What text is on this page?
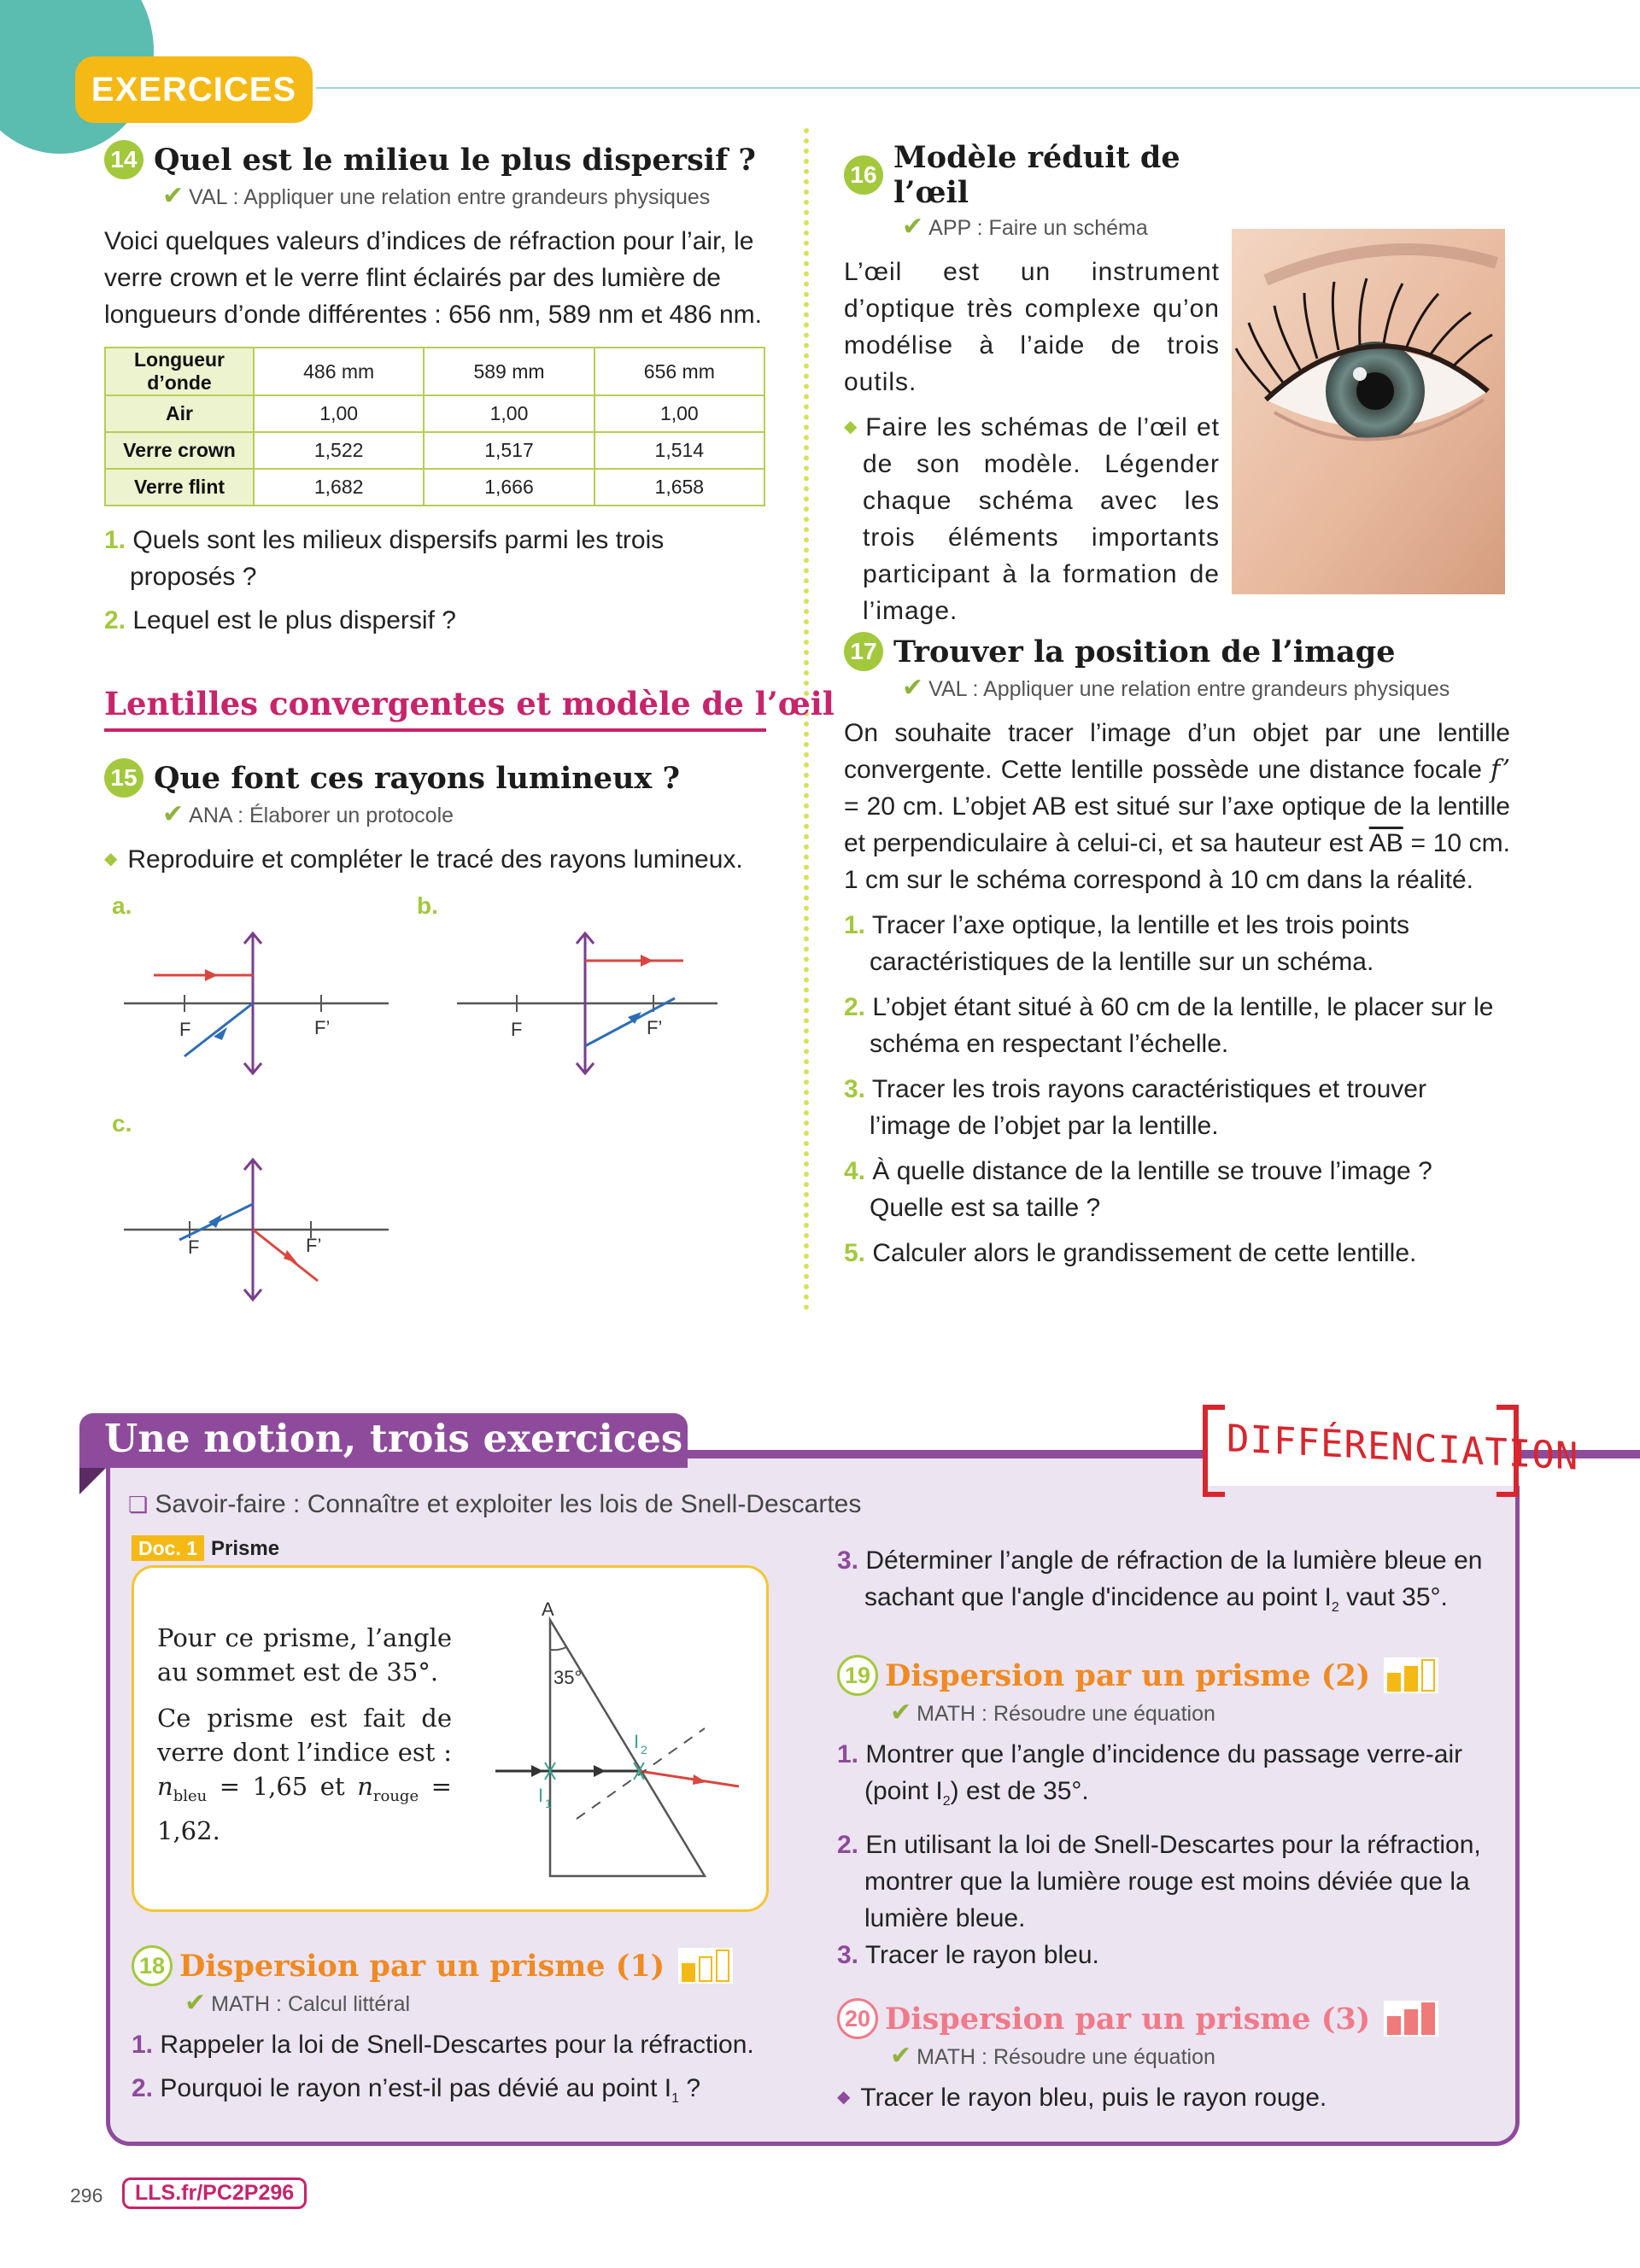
EXERCICES
14 Quel est le milieu le plus dispersif ?
✔ VAL : Appliquer une relation entre grandeurs physiques
Voici quelques valeurs d’indices de réfraction pour l’air, le verre crown et le verre flint éclairés par des lumière de longueurs d’onde différentes : 656 nm, 589 nm et 486 nm.
Longueur d’onde	486 mm	589 mm	656 mm
Air	1,00	1,00	1,00
Verre crown	1,522	1,517	1,514
Verre flint	1,682	1,666	1,658
1. Quels sont les milieux dispersifs parmi les trois proposés ?
2. Lequel est le plus dispersif ?
Lentilles convergentes et modèle de l’œil
15 Que font ces rayons lumineux ?
✔ ANA : Élaborer un protocole
◆ Reproduire et compléter le tracé des rayons lumineux.
a.	b.
c.
F	F’	F	F’
F	F’
16 Modèle réduit de l’œil
✔ APP : Faire un schéma
L’œil est un instrument d’optique très complexe qu’on modélise à l’aide de trois outils.
◆ Faire les schémas de l’œil et de son modèle. Légender chaque schéma avec les trois éléments importants participant à la formation de l’image.
17 Trouver la position de l’image
✔ VAL : Appliquer une relation entre grandeurs physiques
On souhaite tracer l’image d’un objet par une lentille convergente. Cette lentille possède une distance focale f’ = 20 cm. L’objet AB est situé sur l’axe optique de la lentille et perpendiculaire à celui-ci, et sa hauteur est $\overline{AB} = 10$ cm. 1 cm sur le schéma correspond à 10 cm dans la réalité.
1. Tracer l’axe optique, la lentille et les trois points caractéristiques de la lentille sur un schéma.
2. L’objet étant situé à 60 cm de la lentille, le placer sur le schéma en respectant l’échelle.
3. Tracer les trois rayons caractéristiques et trouver l’image de l’objet par la lentille.
4. À quelle distance de la lentille se trouve l’image ? Quelle est sa taille ?
5. Calculer alors le grandissement de cette lentille.
Une notion, trois exercices	DIFFÉRENCIATION
❏ Savoir-faire : Connaître et exploiter les lois de Snell-Descartes
Doc. 1 Prisme
Pour ce prisme, l’angle au sommet est de 35°.
Ce prisme est fait de verre dont l’indice est : $n_{bleu} = 1,65$ et $n_{rouge} = 1,62$.
A
35°
I 1
I 2
18 Dispersion par un prisme (1)
✔ MATH : Calcul littéral
1. Rappeler la loi de Snell-Descartes pour la réfraction.
2. Pourquoi le rayon n’est-il pas dévié au point $I_1$ ?
3. Déterminer l’angle de réfraction de la lumière bleue en sachant que l'angle d'incidence au point $I_2$ vaut 35°.
19 Dispersion par un prisme (2)
✔ MATH : Résoudre une équation
1. Montrer que l’angle d’incidence du passage verre-air (point $I_2$) est de 35°.
2. En utilisant la loi de Snell-Descartes pour la réfraction, montrer que la lumière rouge est moins déviée que la lumière bleue.
3. Tracer le rayon bleu.
20 Dispersion par un prisme (3)
✔ MATH : Résoudre une équation
◆ Tracer le rayon bleu, puis le rayon rouge.
296	LLS.fr/PC2P296
